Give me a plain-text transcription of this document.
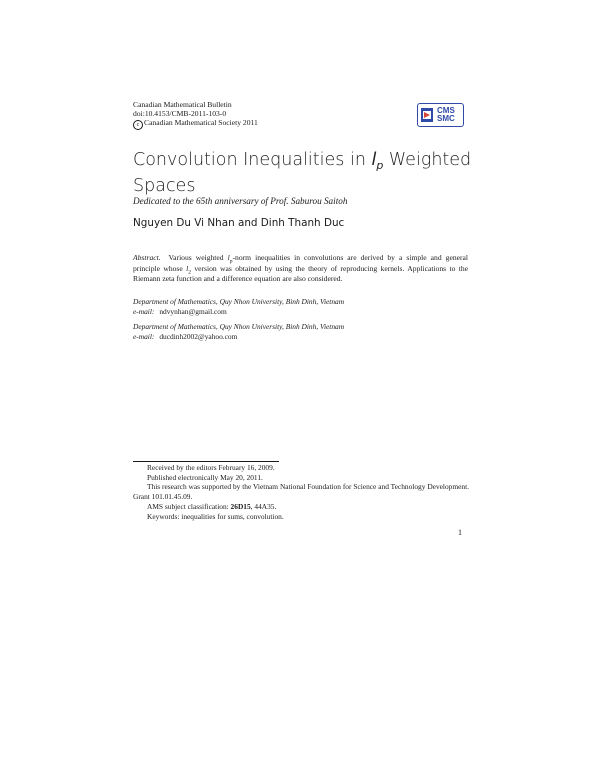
Canadian Mathematical Bulletin
doi:10.4153/CMB-2011-103-0
c Canadian Mathematical Society 2011
CMS
SMC
Convolution Inequalities in $l_p$ Weighted Spaces
Dedicated to the 65th anniversary of Prof. Saburou Saitoh
Nguyen Du Vi Nhan and Dinh Thanh Duc
Abstract. Various weighted $l_p$-norm inequalities in convolutions are derived by a simple and general principle whose $l_2$ version was obtained by using the theory of reproducing kernels. Applications to the Riemann zeta function and a difference equation are also considered.
Department of Mathematics, Quy Nhon University, Binh Dinh, Vietnam
e-mail: ndvynhan@gmail.com
Department of Mathematics, Quy Nhon University, Binh Dinh, Vietnam
e-mail: ducdinh2002@yahoo.com
Received by the editors February 16, 2009.
Published electronically May 20, 2011.
This research was supported by the Vietnam National Foundation for Science and Technology Development. Grant 101.01.45.09.
AMS subject classification: 26D15, 44A35.
Keywords: inequalities for sums, convolution.
1
